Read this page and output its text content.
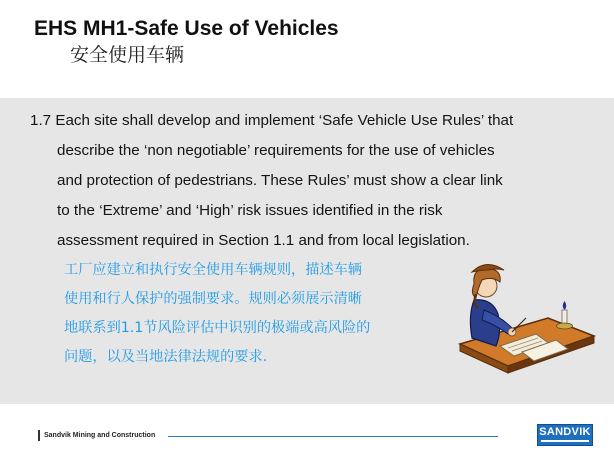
EHS MH1-Safe Use of Vehicles
安全使用车辆
1.7 Each site shall develop and implement ‘Safe Vehicle Use Rules’ that
describe the ‘non negotiable’ requirements for the use of vehicles
and protection of pedestrians. These Rules’ must show a clear link
to the ‘Extreme’ and ‘High’ risk issues identified in the risk
assessment required in Section 1.1 and from local legislation.
工厂应建立和执行安全使用车辆规则，描述车辆
使用和行人保护的强制要求。规则必须展示清晰
地联系到1.1节风险评估中识别的极端或高风险的
问题，以及当地法律法规的要求.
Sandvik Mining and Construction	SANDVIK
